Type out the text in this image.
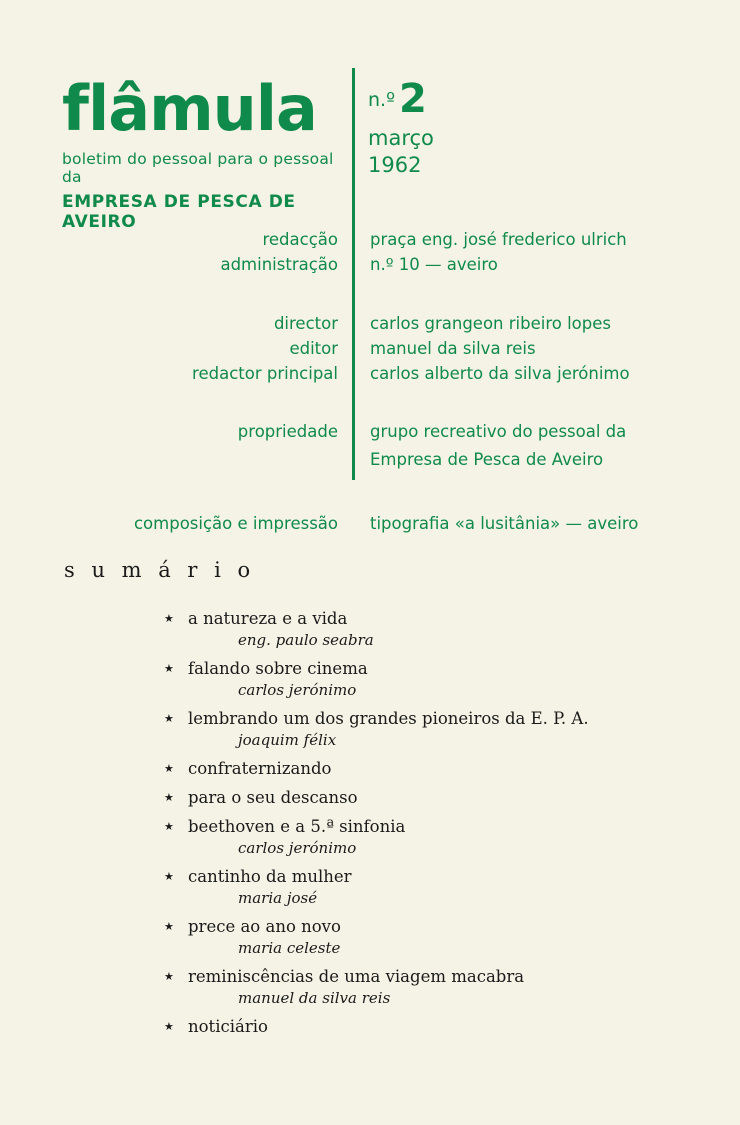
flâmula
boletim do pessoal para o pessoal da
EMPRESA DE PESCA DE AVEIRO
n.º 2
março
1962
redacção praça eng. josé frederico ulrich
administração n.º 10 — aveiro
director carlos grangeon ribeiro lopes
editor manuel da silva reis
redactor principal carlos alberto da silva jerónimo
propriedade grupo recreativo do pessoal da
Empresa de Pesca de Aveiro
composição e impressão tipografia «a lusitânia» — aveiro
s u m á r i o
★ a natureza e a vida
eng. paulo seabra
★ falando sobre cinema
carlos jerónimo
★ lembrando um dos grandes pioneiros da E. P. A.
joaquim félix
★ confraternizando
★ para o seu descanso
★ beethoven e a 5.ª sinfonia
carlos jerónimo
★ cantinho da mulher
maria josé
★ prece ao ano novo
maria celeste
★ reminiscências de uma viagem macabra
manuel da silva reis
★ noticiário
